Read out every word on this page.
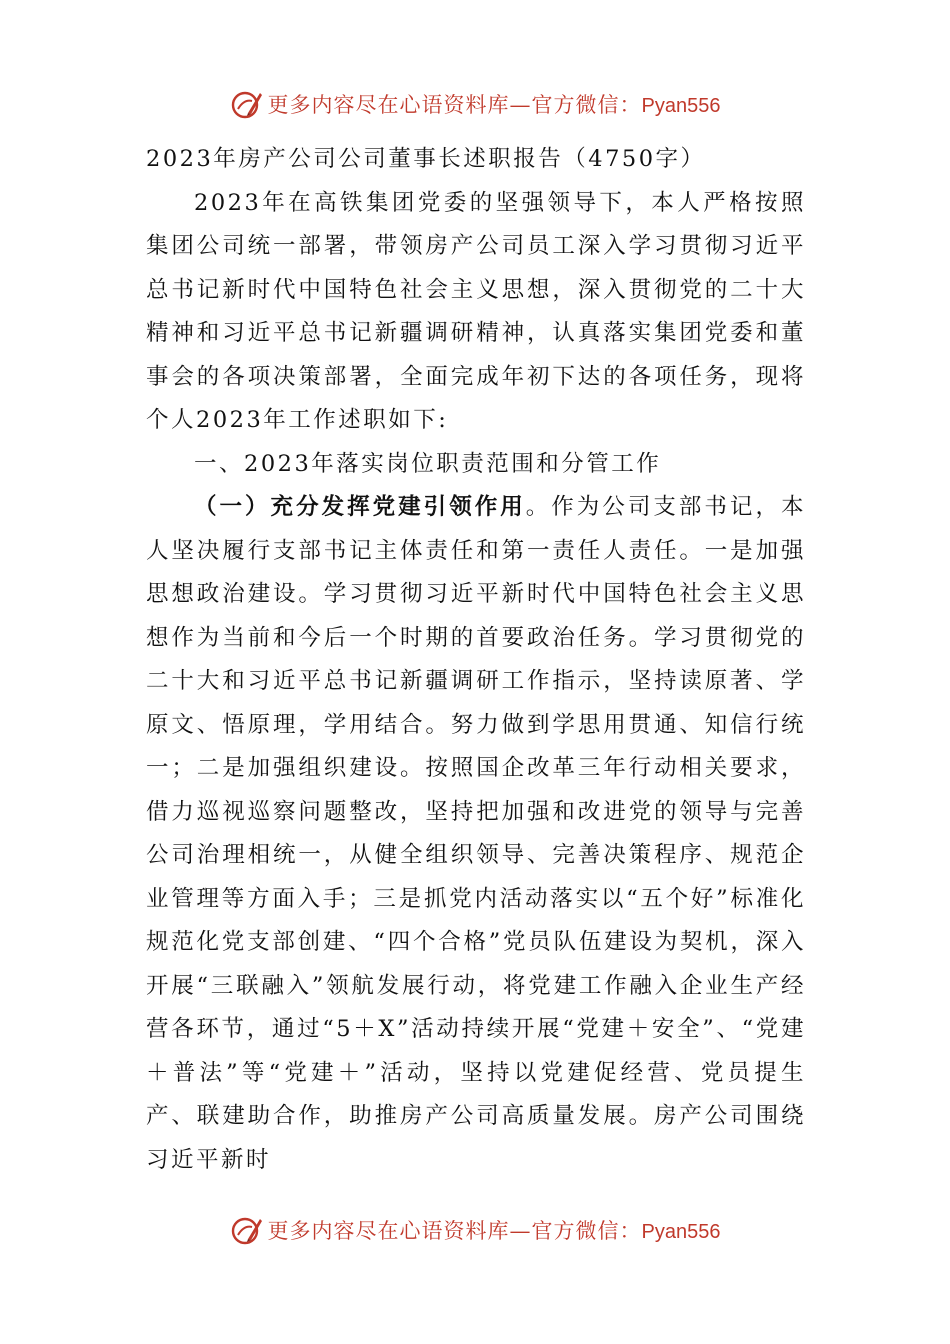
更多内容尽在心语资料库—官方微信：Pyan556

2023年房产公司公司董事长述职报告（4750字）

2023年在高铁集团党委的坚强领导下，本人严格按照集团公司统一部署，带领房产公司员工深入学习贯彻习近平总书记新时代中国特色社会主义思想，深入贯彻党的二十大精神和习近平总书记新疆调研精神，认真落实集团党委和董事会的各项决策部署，全面完成年初下达的各项任务，现将个人2023年工作述职如下:

一、2023年落实岗位职责范围和分管工作

（一）充分发挥党建引领作用。作为公司支部书记，本人坚决履行支部书记主体责任和第一责任人责任。一是加强思想政治建设。学习贯彻习近平新时代中国特色社会主义思想作为当前和今后一个时期的首要政治任务。学习贯彻党的二十大和习近平总书记新疆调研工作指示，坚持读原著、学原文、悟原理，学用结合。努力做到学思用贯通、知信行统一；二是加强组织建设。按照国企改革三年行动相关要求，借力巡视巡察问题整改，坚持把加强和改进党的领导与完善公司治理相统一，从健全组织领导、完善决策程序、规范企业管理等方面入手；三是抓党内活动落实以“五个好”标准化规范化党支部创建、“四个合格”党员队伍建设为契机，深入开展“三联融入”领航发展行动，将党建工作融入企业生产经营各环节，通过“5＋X”活动持续开展“党建＋安全”、“党建＋普法”等“党建＋”活动，坚持以党建促经营、党员提生产、联建助合作，助推房产公司高质量发展。房产公司围绕习近平新时

更多内容尽在心语资料库—官方微信：Pyan556
